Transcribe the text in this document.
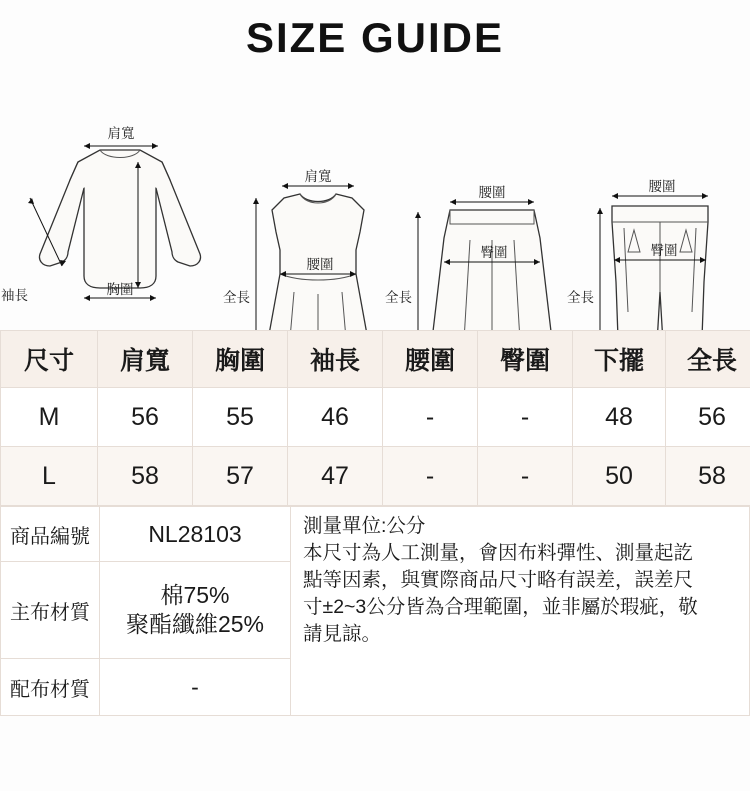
SIZE GUIDE
肩寬
袖長	胸圍
肩寬
腰圍
全長
腰圍
臀圍
全長
腰圍
臀圍
全長
尺寸	肩寬	胸圍	袖長	腰圍	臀圍	下擺	全長
M	56	55	46	-	-	48	56
L	58	57	47	-	-	50	58
商品編號	NL28103	測量單位:公分
本尺寸為人工測量，會因布料彈性、測量起訖
點等因素，與實際商品尺寸略有誤差，誤差尺
寸±2~3公分皆為合理範圍，並非屬於瑕疵，敬
請見諒。

主布材質	棉75%
聚酯纖維25%	

配布材質	-	
